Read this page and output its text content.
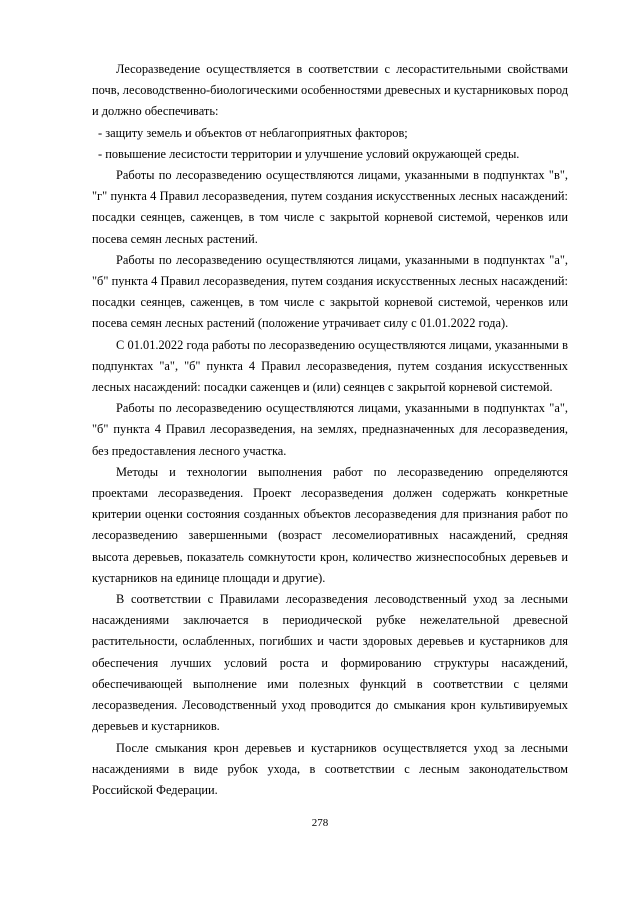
Лесоразведение осуществляется в соответствии с лесорастительными свойствами почв, лесоводственно-биологическими особенностями древесных и кустарниковых пород и должно обеспечивать:

- защиту земель и объектов от неблагоприятных факторов;

- повышение лесистости территории и улучшение условий окружающей среды.

Работы по лесоразведению осуществляются лицами, указанными в подпунктах "в", "г" пункта 4 Правил лесоразведения, путем создания искусственных лесных насаждений: посадки сеянцев, саженцев, в том числе с закрытой корневой системой, черенков или посева семян лесных растений.

Работы по лесоразведению осуществляются лицами, указанными в подпунктах "а", "б" пункта 4 Правил лесоразведения, путем создания искусственных лесных насаждений: посадки сеянцев, саженцев, в том числе с закрытой корневой системой, черенков или посева семян лесных растений (положение утрачивает силу с 01.01.2022 года).

С 01.01.2022 года работы по лесоразведению осуществляются лицами, указанными в подпунктах "а", "б" пункта 4 Правил лесоразведения, путем создания искусственных лесных насаждений: посадки саженцев и (или) сеянцев с закрытой корневой системой.

Работы по лесоразведению осуществляются лицами, указанными в подпунктах "а", "б" пункта 4 Правил лесоразведения, на землях, предназначенных для лесоразведения, без предоставления лесного участка.

Методы и технологии выполнения работ по лесоразведению определяются проектами лесоразведения. Проект лесоразведения должен содержать конкретные критерии оценки состояния созданных объектов лесоразведения для признания работ по лесоразведению завершенными (возраст лесомелиоративных насаждений, средняя высота деревьев, показатель сомкнутости крон, количество жизнеспособных деревьев и кустарников на единице площади и другие).

В соответствии с Правилами лесоразведения лесоводственный уход за лесными насаждениями заключается в периодической рубке нежелательной древесной растительности, ослабленных, погибших и части здоровых деревьев и кустарников для обеспечения лучших условий роста и формированию структуры насаждений, обеспечивающей выполнение ими полезных функций в соответствии с целями лесоразведения. Лесоводственный уход проводится до смыкания крон культивируемых деревьев и кустарников.

После смыкания крон деревьев и кустарников осуществляется уход за лесными насаждениями в виде рубок ухода, в соответствии с лесным законодательством Российской Федерации.

278
